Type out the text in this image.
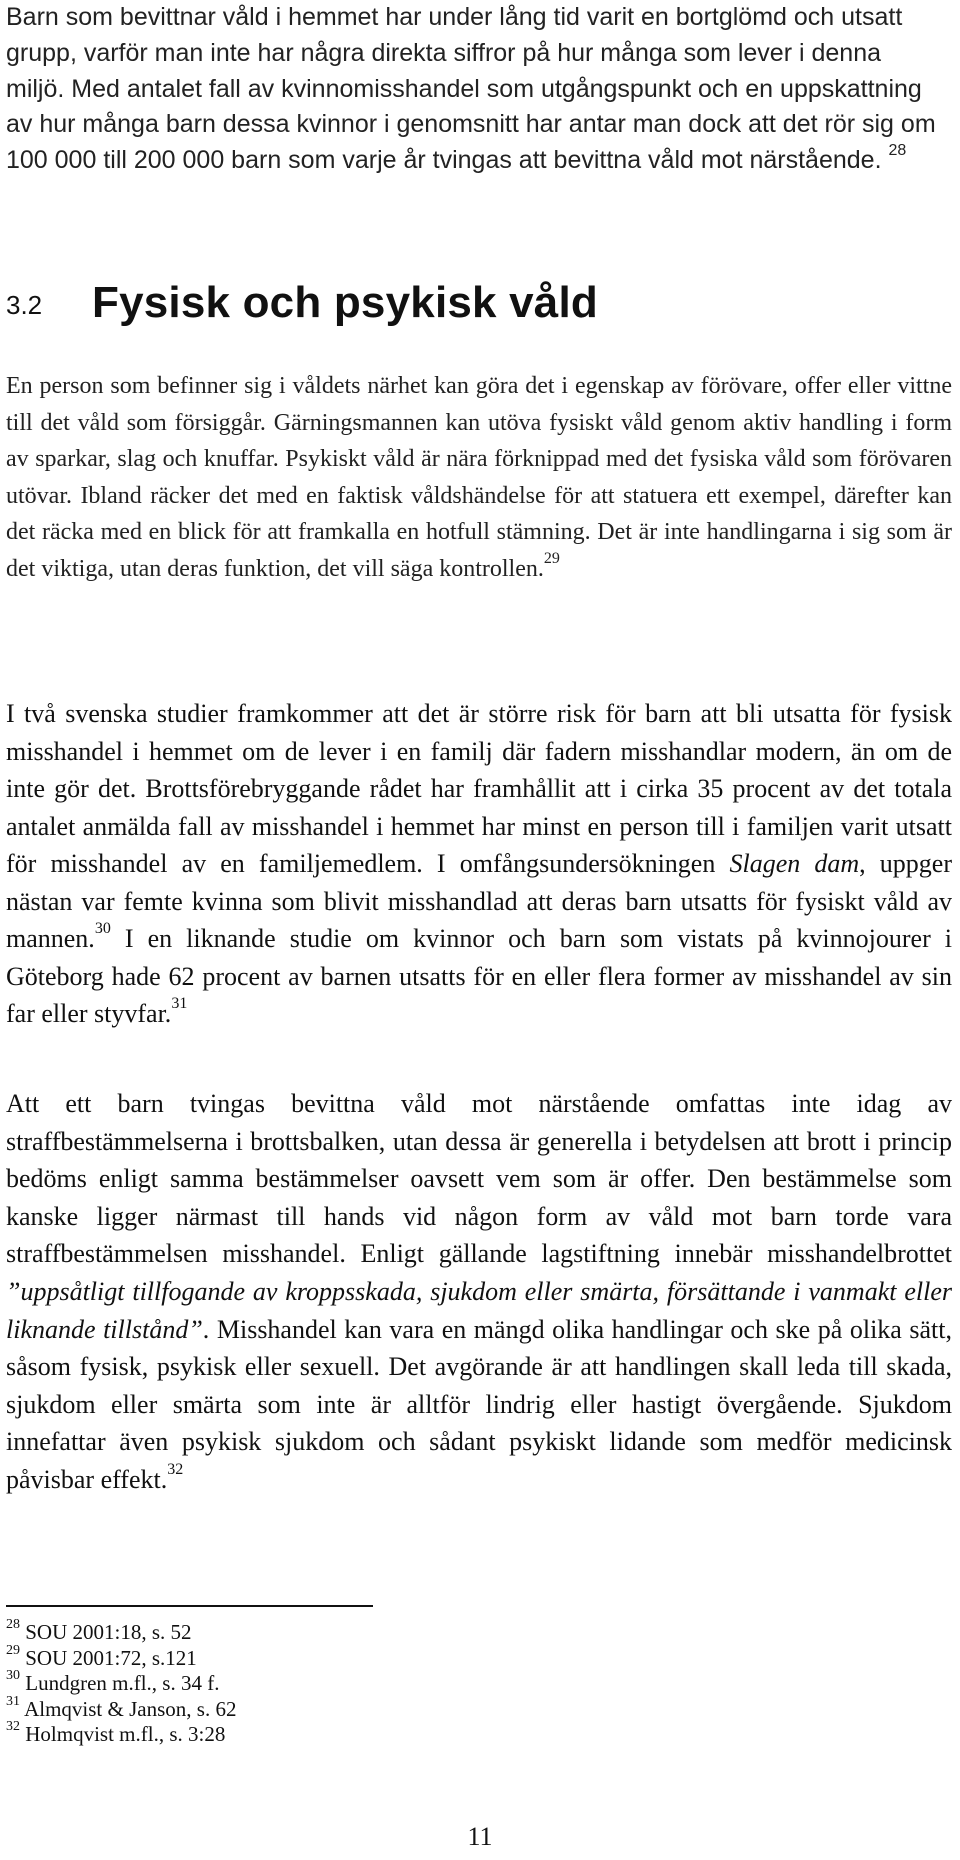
Barn som bevittnar våld i hemmet har under lång tid varit en bortglömd och utsatt grupp, varför man inte har några direkta siffror på hur många som lever i denna miljö. Med antalet fall av kvinnomisshandel som utgångspunkt och en uppskattning av hur många barn dessa kvinnor i genomsnitt har antar man dock att det rör sig om 100 000 till 200 000 barn som varje år tvingas att bevittna våld mot närstående. $^{28}$

3.2 Fysisk och psykisk våld

En person som befinner sig i våldets närhet kan göra det i egenskap av förövare, offer eller vittne till det våld som försiggår. Gärningsmannen kan utöva fysiskt våld genom aktiv handling i form av sparkar, slag och knuffar. Psykiskt våld är nära förknippad med det fysiska våld som förövaren utövar. Ibland räcker det med en faktisk våldshändelse för att statuera ett exempel, därefter kan det räcka med en blick för att framkalla en hotfull stämning. Det är inte handlingarna i sig som är det viktiga, utan deras funktion, det vill säga kontrollen.$^{29}$

I två svenska studier framkommer att det är större risk för barn att bli utsatta för fysisk misshandel i hemmet om de lever i en familj där fadern misshandlar modern, än om de inte gör det. Brottsförebryggande rådet har framhållit att i cirka 35 procent av det totala antalet anmälda fall av misshandel i hemmet har minst en person till i familjen varit utsatt för misshandel av en familjemedlem. I omfångsundersökningen Slagen dam, uppger nästan var femte kvinna som blivit misshandlad att deras barn utsatts för fysiskt våld av mannen.$^{30}$ I en liknande studie om kvinnor och barn som vistats på kvinnojourer i Göteborg hade 62 procent av barnen utsatts för en eller flera former av misshandel av sin far eller styvfar.$^{31}$

Att ett barn tvingas bevittna våld mot närstående omfattas inte idag av straffbestämmelserna i brottsbalken, utan dessa är generella i betydelsen att brott i princip bedöms enligt samma bestämmelser oavsett vem som är offer. Den bestämmelse som kanske ligger närmast till hands vid någon form av våld mot barn torde vara straffbestämmelsen misshandel. Enligt gällande lagstiftning innebär misshandelbrottet ”uppsåtligt tillfogande av kroppsskada, sjukdom eller smärta, försättande i vanmakt eller liknande tillstånd”. Misshandel kan vara en mängd olika handlingar och ske på olika sätt, såsom fysisk, psykisk eller sexuell. Det avgörande är att handlingen skall leda till skada, sjukdom eller smärta som inte är alltför lindrig eller hastigt övergående. Sjukdom innefattar även psykisk sjukdom och sådant psykiskt lidande som medför medicinsk påvisbar effekt.$^{32}$

$^{28}$ SOU 2001:18, s. 52
$^{29}$ SOU 2001:72, s.121
$^{30}$ Lundgren m.fl., s. 34 f.
$^{31}$ Almqvist & Janson, s. 62
$^{32}$ Holmqvist m.fl., s. 3:28
11
